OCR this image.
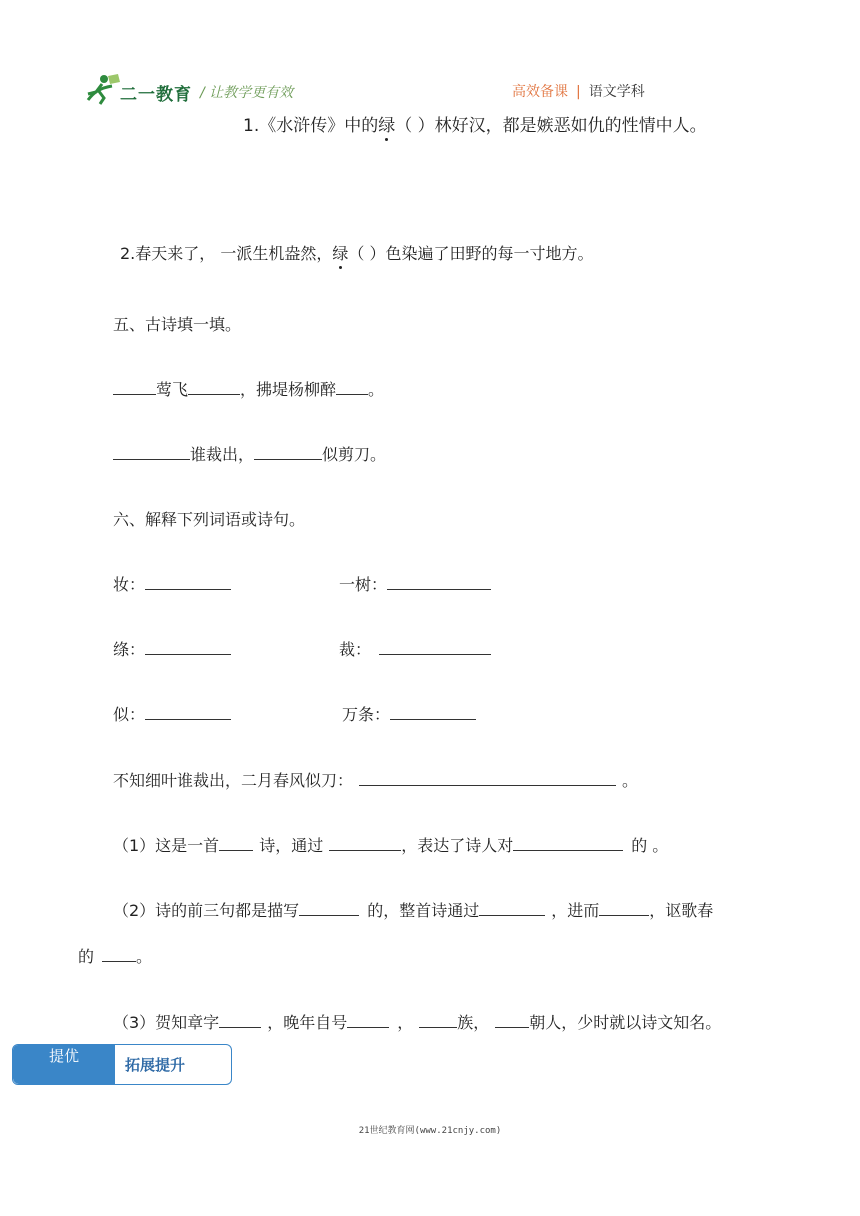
二一教育 / 让教学更有效	高效备课 | 语文学科
1.《水浒传》中的绿（ ）林好汉，都是嫉恶如仇的性情中人。
2.春天来了， 一派生机盎然，绿（ ）色染遍了田野的每一寸地方。
五、古诗填一填。
莺飞	，拂堤杨柳醉 。
谁裁出，	似剪刀。
六、解释下列词语或诗句。
妆：	一树：
绦：	裁：
似：	万条：
不知细叶谁裁出，二月春风似刀：	。
（1）这是一首	诗，通过	，表达了诗人对	的 。
（2）诗的前三句都是描写	的，整首诗通过	，进而	，讴歌春
的	。
（3）贺知章字	，晚年自号	，	族，	朝人，少时就以诗文知名。
提优	拓展提升
21世纪教育网(www.21cnjy.com)
